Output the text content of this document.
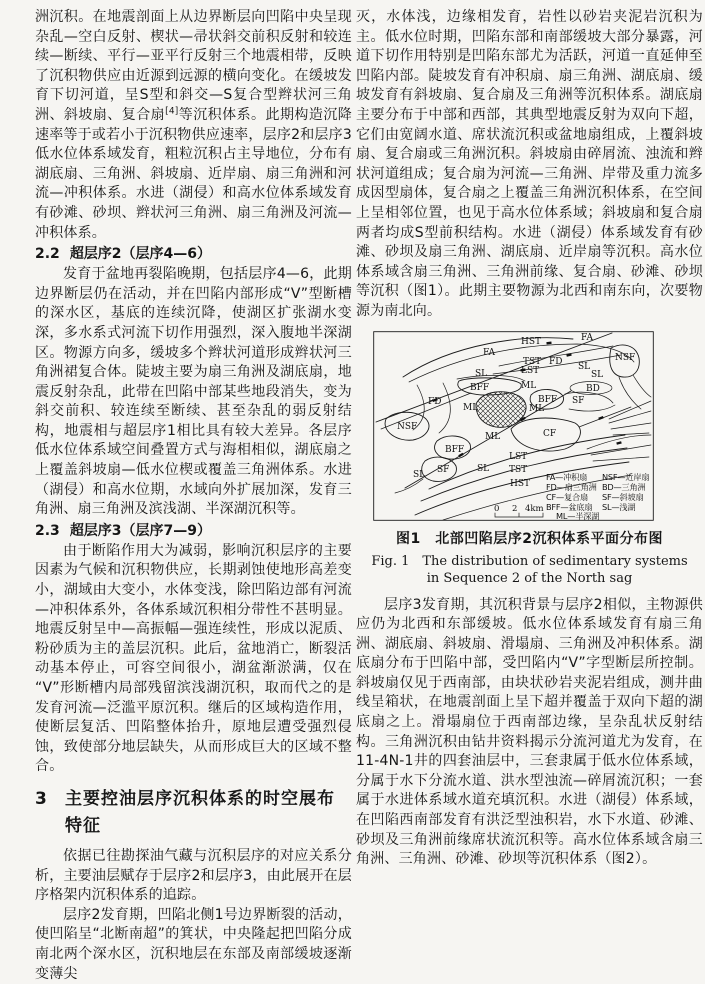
洲沉积。在地震剖面上从边界断层向凹陷中央呈现杂乱—空白反射、楔状—帚状斜交前积反射和较连续—断续、平行—亚平行反射三个地震相带，反映了沉积物供应由近源到远源的横向变化。在缓坡发育下切河道，呈S型和斜交—S复合型辫状河三角洲、斜坡扇、复合扇[4]等沉积体系。此期构造沉降速率等于或若小于沉积物供应速率，层序2和层序3低水位体系域发育，粗粒沉积占主导地位，分布有湖底扇、三角洲、斜坡扇、近岸扇、扇三角洲和河流—冲积体系。水进（湖侵）和高水位体系域发育有砂滩、砂坝、辫状河三角洲、扇三角洲及河流—冲积体系。

2.2 超层序2（层序4—6）

发育于盆地再裂陷晚期，包括层序4—6，此期边界断层仍在活动，并在凹陷内部形成“V”型断槽的深水区，基底的连续沉降，使湖区扩张湖水变深，多水系式河流下切作用强烈，深入腹地半深湖区。物源方向多，缓坡多个辫状河道形成辫状河三角洲裙复合体。陡坡主要为扇三角洲及湖底扇，地震反射杂乱，此带在凹陷中部某些地段消失，变为斜交前积、较连续至断续、甚至杂乱的弱反射结构，地震相与超层序1相比具有较大差异。各层序低水位体系域空间叠置方式与海相相似，湖底扇之上覆盖斜坡扇—低水位楔或覆盖三角洲体系。水进（湖侵）和高水位期，水域向外扩展加深，发育三角洲、扇三角洲及滨浅湖、半深湖沉积等。

2.3 超层序3（层序7—9）

由于断陷作用大为减弱，影响沉积层序的主要因素为气候和沉积物供应，长期剥蚀使地形高差变小，湖域由大变小，水体变浅，除凹陷边部有河流—冲积体系外，各体系域沉积相分带性不甚明显。地震反射呈中—高振幅—强连续性，形成以泥质、粉砂质为主的盖层沉积。此后，盆地消亡，断裂活动基本停止，可容空间很小，湖盆渐淤满，仅在“V”形断槽内局部残留滨浅湖沉积，取而代之的是发育河流—泛滥平原沉积。继后的区域构造作用，使断层复活、凹陷整体抬升，原地层遭受强烈侵蚀，致使部分地层缺失，从而形成巨大的区域不整合。

3	主要控油层序沉积体系的时空展布特征

依据已往勘探油气藏与沉积层序的对应关系分析，主要油层赋存于层序2和层序3，由此展开在层序格架内沉积体系的追踪。

层序2发育期，凹陷北侧1号边界断裂的活动，使凹陷呈“北断南超”的箕状，中央隆起把凹陷分成南北两个深水区，沉积地层在东部及南部缓坡逐渐变薄尖

灭，水体浅，边缘相发育，岩性以砂岩夹泥岩沉积为主。低水位时期，凹陷东部和南部缓坡大部分暴露，河道下切作用特别是凹陷东部尤为活跃，河道一直延伸至凹陷内部。陡坡发育有冲积扇、扇三角洲、湖底扇、缓坡发育有斜坡扇、复合扇及三角洲等沉积体系。湖底扇主要分布于中部和西部，其典型地震反射为双向下超，它们由宽阔水道、席状流沉积或盆地扇组成，上覆斜坡扇、复合扇或三角洲沉积。斜坡扇由碎屑流、浊流和辫状河道组成；复合扇为河流—三角洲、岸带及重力流多成因型扇体，复合扇之上覆盖三角洲沉积体系，在空间上呈相邻位置，也见于高水位体系域；斜坡扇和复合扇两者均成S型前积结构。水进（湖侵）体系域发育有砂滩、砂坝及扇三角洲、湖底扇、近岸扇等沉积。高水位体系域含扇三角洲、三角洲前缘、复合扇、砂滩、砂坝等沉积（图1）。此期主要物源为北西和南东向，次要物源为南北向。

HST	FA
FA	NSF
TST FD SL
LST
SL	SL
BFF	ML	BD
FD	BFF SF
ML	ML
NSF
ML	CF
BFF
SF
SL
SL
LST
TST
HST
0 2 4km
FA—冲积扇
FD—扇三角洲
CF—复合扇
BFF—盆底扇
ML—半深湖
NSF—近岸扇
BD—三角洲
SF—斜坡扇
SL—浅湖

图1　北部凹陷层序2沉积体系平面分布图

Fig. 1　The distribution of sedimentary systems

in Sequence 2 of the North sag

层序3发育期，其沉积背景与层序2相似，主物源供应仍为北西和东部缓坡。低水位体系域发育有扇三角洲、湖底扇、斜坡扇、滑塌扇、三角洲及冲积体系。湖底扇分布于凹陷中部，受凹陷内“V”字型断层所控制。斜坡扇仅见于西南部，由块状砂岩夹泥岩组成，测井曲线呈箱状，在地震剖面上呈下超并覆盖于双向下超的湖底扇之上。滑塌扇位于西南部边缘，呈杂乱状反射结构。三角洲沉积由钻井资料揭示分流河道尤为发育，在11-4N-1井的四套油层中，三套隶属于低水位体系域，分属于水下分流水道、洪水型浊流—碎屑流沉积；一套属于水进体系域水道充填沉积。水进（湖侵）体系域，在凹陷西南部发育有洪泛型浊积岩，水下水道、砂滩、砂坝及三角洲前缘席状流沉积等。高水位体系域含扇三角洲、三角洲、砂滩、砂坝等沉积体系（图2）。
